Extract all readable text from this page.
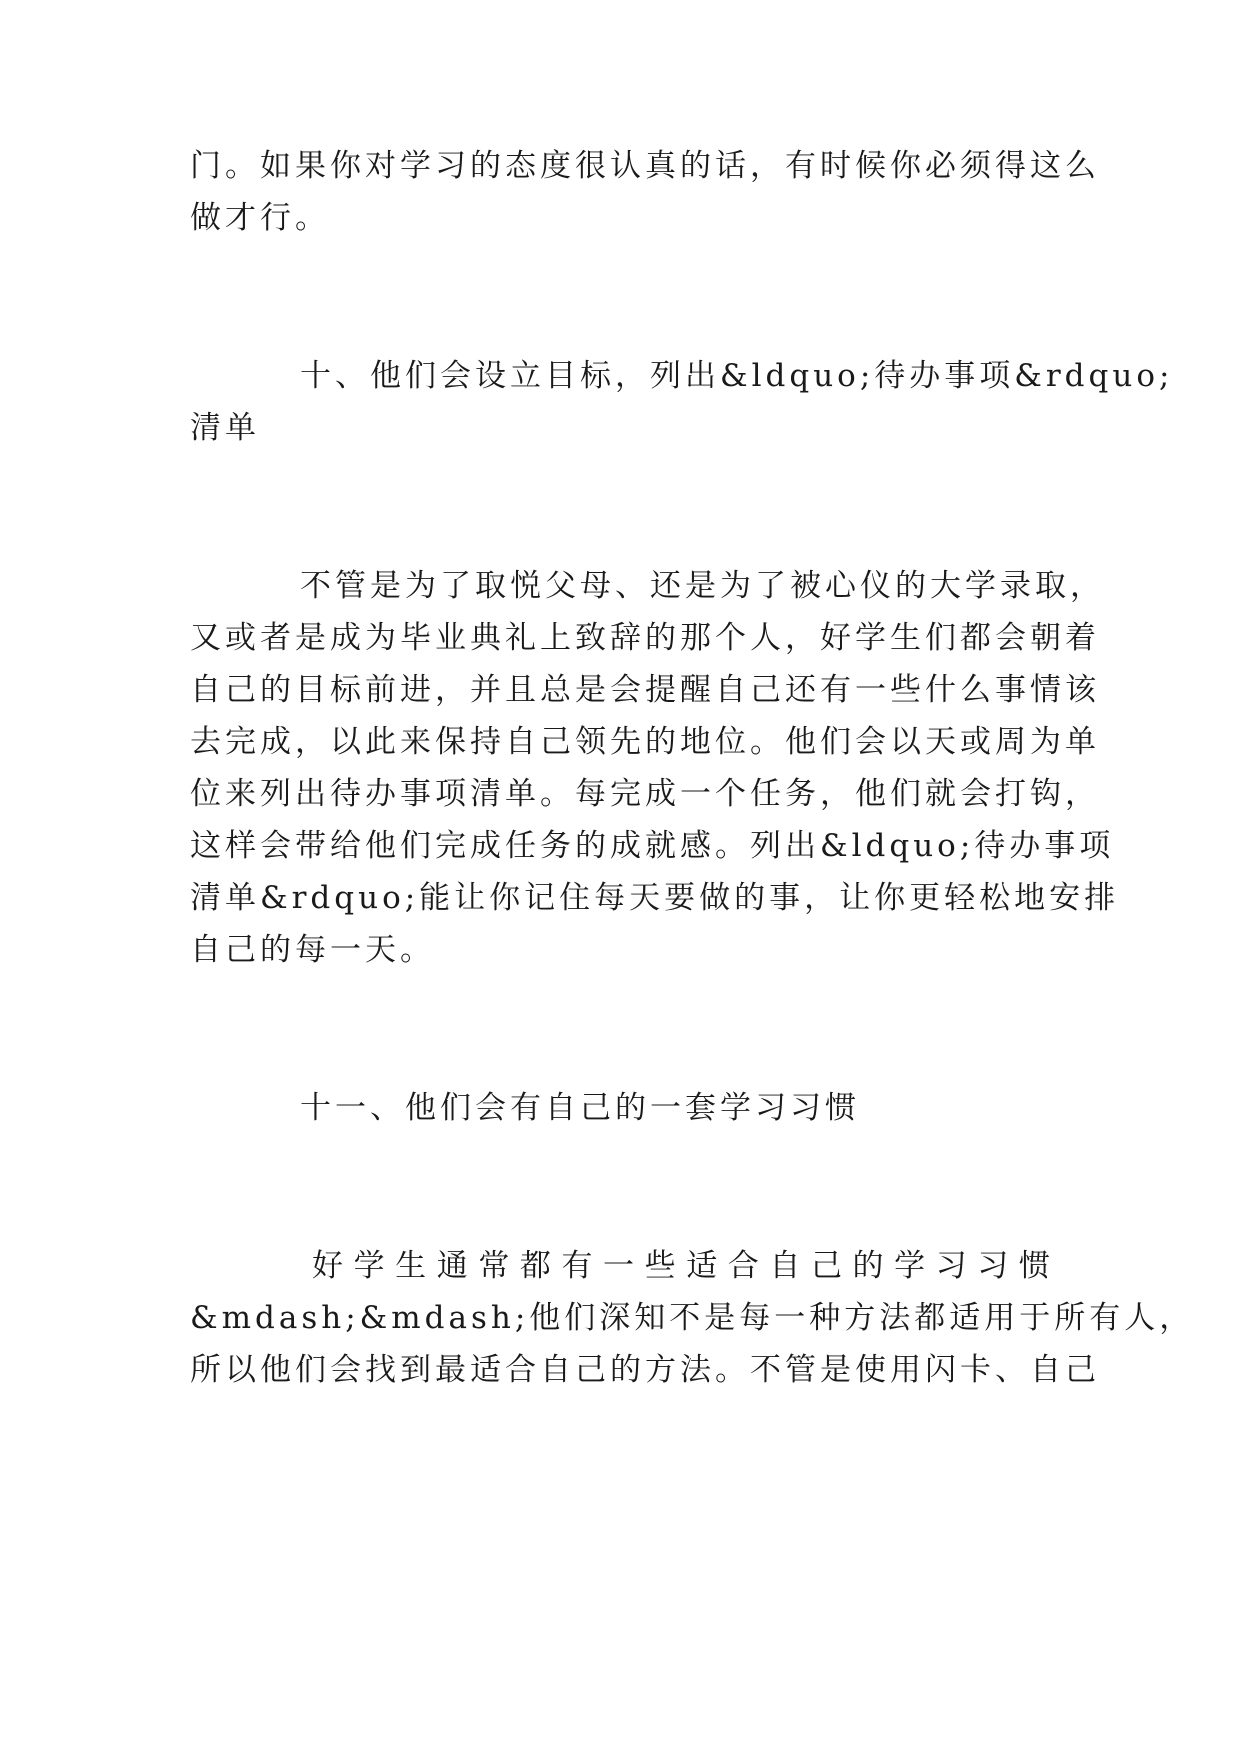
门。如果你对学习的态度很认真的话，有时候你必须得这么
做才行。
十、他们会设立目标，列出&ldquo;待办事项&rdquo;
清单
不管是为了取悦父母、还是为了被心仪的大学录取，
又或者是成为毕业典礼上致辞的那个人，好学生们都会朝着
自己的目标前进，并且总是会提醒自己还有一些什么事情该
去完成，以此来保持自己领先的地位。他们会以天或周为单
位来列出待办事项清单。每完成一个任务，他们就会打钩，
这样会带给他们完成任务的成就感。列出&ldquo;待办事项
清单&rdquo;能让你记住每天要做的事，让你更轻松地安排
自己的每一天。
十一、他们会有自己的一套学习习惯
好 学 生 通 常 都 有 一 些 适 合 自 己 的 学 习 习 惯
&mdash;&mdash;他们深知不是每一种方法都适用于所有人，
所以他们会找到最适合自己的方法。不管是使用闪卡、自己
